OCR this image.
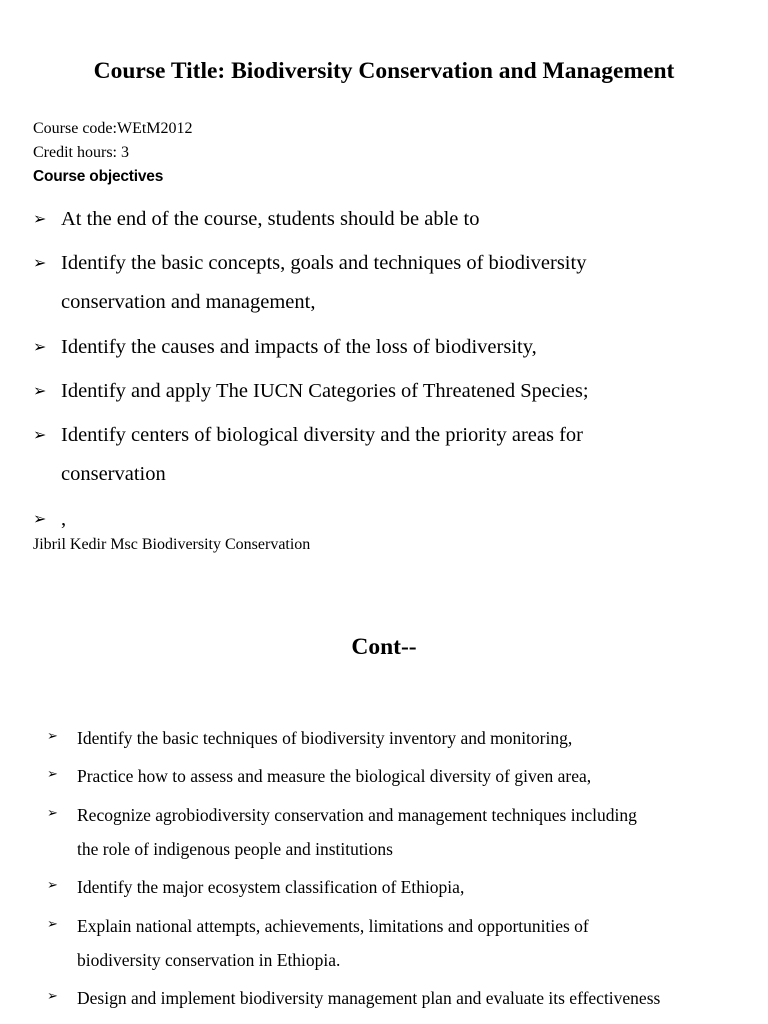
Course Title: Biodiversity Conservation and Management
Course code:WEtM2012
Credit hours: 3
Course objectives
➢ At the end of the course, students should be able to
➢ Identify the basic concepts, goals and techniques of biodiversity
conservation and management,
➢ Identify the causes and impacts of the loss of biodiversity,
➢ Identify and apply The IUCN Categories of Threatened Species;
➢ Identify centers of biological diversity and the priority areas for
conservation
➢ ,
Jibril Kedir Msc Biodiversity Conservation
Cont--
➢ Identify the basic techniques of biodiversity inventory and monitoring,
➢ Practice how to assess and measure the biological diversity of given area,
➢ Recognize agrobiodiversity conservation and management techniques including
the role of indigenous people and institutions
➢ Identify the major ecosystem classification of Ethiopia,
➢ Explain national attempts, achievements, limitations and opportunities of
biodiversity conservation in Ethiopia.
➢ Design and implement biodiversity management plan and evaluate its effectiveness
